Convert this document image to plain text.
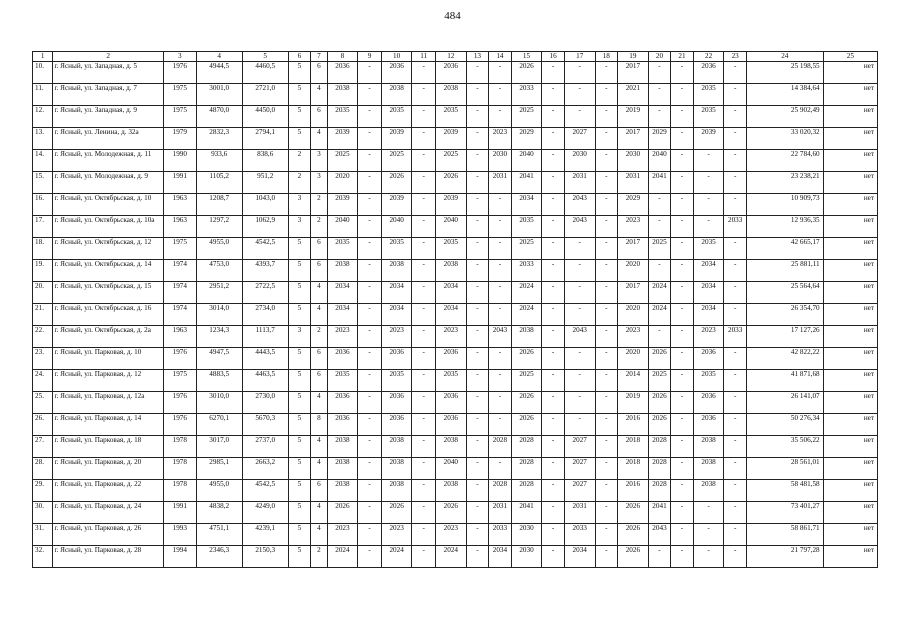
484
1	2	3	4	5	6	7	8	9	10	11	12	13	14	15	16	17	18	19	20	21	22	23	24	25
10.	г. Ясный, ул. Западная, д. 5	1976	4944,5	4460,5	5	6	2036	-	2036	-	2036	-	-	2026	-	-	-	2017	-	-	2036	-	25 198,55	нет
11.	г. Ясный, ул. Западная, д. 7	1975	3001,0	2721,0	5	4	2038	-	2038	-	2038	-	-	2033	-	-	-	2021	-	-	2035	-	14 384,64	нет
12.	г. Ясный, ул. Западная, д. 9	1975	4870,0	4450,0	5	6	2035	-	2035	-	2035	-	-	2025	-	-	-	2019	-	-	2035	-	25 902,49	нет
13.	г. Ясный, ул. Ленина, д. 32а	1979	2832,3	2794,1	5	4	2039	-	2039	-	2039	-	2023	2029	-	2027	-	2017	2029	-	2039	-	33 020,32	нет
14.	г. Ясный, ул. Молодежная, д. 11	1990	933,6	838,6	2	3	2025	-	2025	-	2025	-	2030	2040	-	2030	-	2030	2040	-	-	-	22 784,60	нет
15.	г. Ясный, ул. Молодежная, д. 9	1991	1105,2	951,2	2	3	2020	-	2026	-	2026	-	2031	2041	-	2031	-	2031	2041	-	-	-	23 238,21	нет
16.	г. Ясный, ул. Октябрьская, д. 10	1963	1208,7	1043,0	3	2	2039	-	2039	-	2039	-	-	2034	-	2043	-	2029	-	-	-	-	10 909,73	нет
17.	г. Ясный, ул. Октябрьская, д. 10а	1963	1297,2	1062,9	3	2	2040	-	2040	-	2040	-	-	2035	-	2043	-	2023	-	-	-	2033	12 936,35	нет
18.	г. Ясный, ул. Октябрьская, д. 12	1975	4955,0	4542,5	5	6	2035	-	2035	-	2035	-	-	2025	-	-	-	2017	2025	-	2035	-	42 665,17	нет
19.	г. Ясный, ул. Октябрьская, д. 14	1974	4753,0	4393,7	5	6	2038	-	2038	-	2038	-	-	2033	-	-	-	2020	-	-	2034	-	25 881,11	нет
20.	г. Ясный, ул. Октябрьская, д. 15	1974	2951,2	2722,5	5	4	2034	-	2034	-	2034	-	-	2024	-	-	-	2017	2024	-	2034	-	25 564,64	нет
21.	г. Ясный, ул. Октябрьская, д. 16	1974	3014,0	2734,0	5	4	2034	-	2034	-	2034	-	-	2024	-	-	-	2020	2024	-	2034	-	26 354,70	нет
22.	г. Ясный, ул. Октябрьская, д. 2а	1963	1234,3	1113,7	3	2	2023	-	2023	-	2023	-	2043	2038	-	2043	-	2023	-	-	2023	2033	17 127,26	нет
23.	г. Ясный, ул. Парковая, д. 10	1976	4947,5	4443,5	5	6	2036	-	2036	-	2036	-	-	2026	-	-	-	2020	2026	-	2036	-	42 822,22	нет
24.	г. Ясный, ул. Парковая, д. 12	1975	4883,5	4463,5	5	6	2035	-	2035	-	2035	-	-	2025	-	-	-	2014	2025	-	2035	-	41 871,68	нет
25.	г. Ясный, ул. Парковая, д. 12а	1976	3010,0	2730,0	5	4	2036	-	2036	-	2036	-	-	2026	-	-	-	2019	2026	-	2036	-	26 141,07	нет
26.	г. Ясный, ул. Парковая, д. 14	1976	6270,1	5670,3	5	8	2036	-	2036	-	2036	-	-	2026	-	-	-	2016	2026	-	2036	-	50 276,34	нет
27.	г. Ясный, ул. Парковая, д. 18	1978	3017,0	2737,0	5	4	2038	-	2038	-	2038	-	2028	2028	-	2027	-	2018	2028	-	2038	-	35 506,22	нет
28.	г. Ясный, ул. Парковая, д. 20	1978	2985,1	2663,2	5	4	2038	-	2038	-	2040	-	-	2028	-	2027	-	2018	2028	-	2038	-	28 561,01	нет
29.	г. Ясный, ул. Парковая, д. 22	1978	4955,0	4542,5	5	6	2038	-	2038	-	2038	-	2028	2028	-	2027	-	2016	2028	-	2038	-	58 481,58	нет
30.	г. Ясный, ул. Парковая, д. 24	1991	4838,2	4249,0	5	4	2026	-	2026	-	2026	-	2031	2041	-	2031	-	2026	2041	-	-	-	73 401,27	нет
31.	г. Ясный, ул. Парковая, д. 26	1993	4751,1	4239,1	5	4	2023	-	2023	-	2023	-	2033	2030	-	2033	-	2026	2043	-	-	-	58 861,71	нет
32.	г. Ясный, ул. Парковая, д. 28	1994	2346,3	2150,3	5	2	2024	-	2024	-	2024	-	2034	2030	-	2034	-	2026	-	-	-	-	21 797,28	нет
